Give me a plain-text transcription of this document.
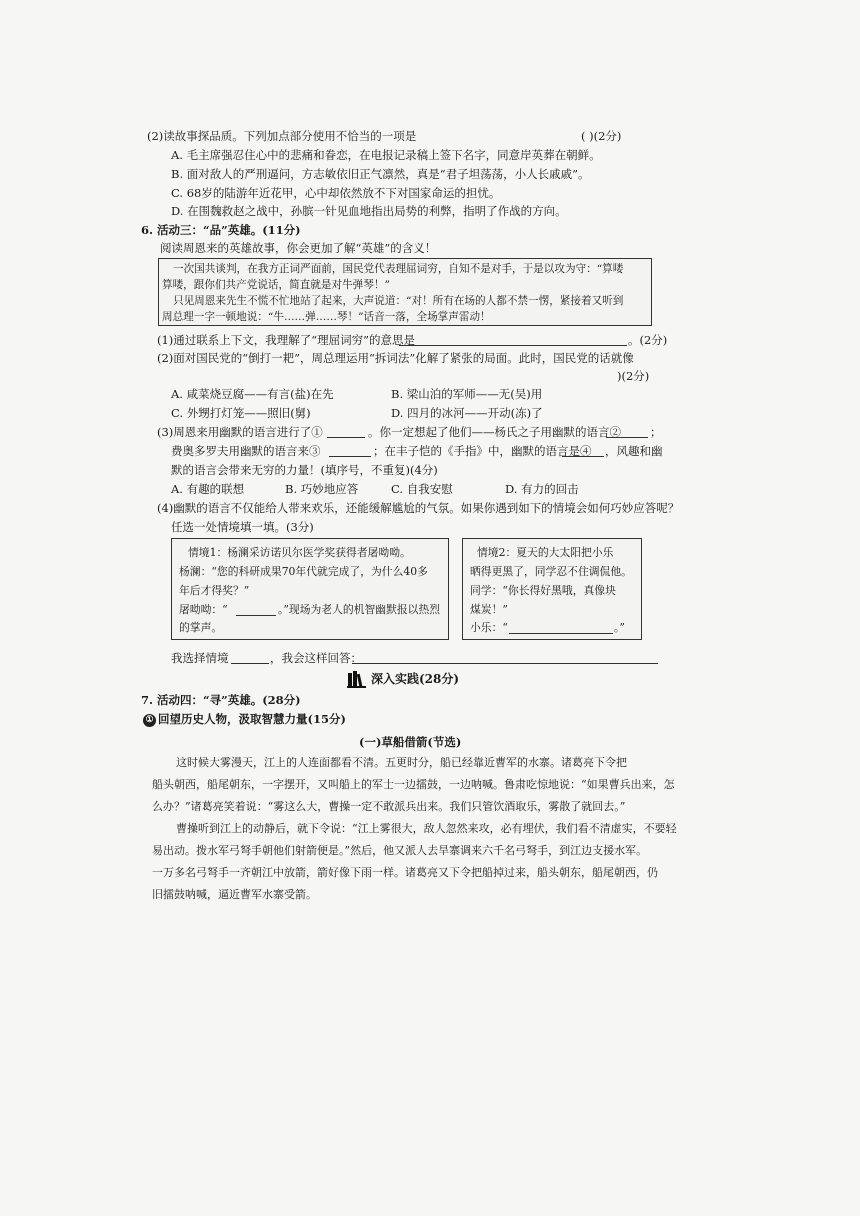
(2)读故事探品质。下列加点部分使用不恰当的一项是	( )(2分)
A. 毛主席强忍住心中的悲痛和眷恋，在电报记录稿上签下名字，同意岸英葬在朝鲜。
B. 面对敌人的严刑逼问，方志敏依旧正气凛然，真是“君子坦荡荡，小人长戚戚”。
C. 68岁的陆游年近花甲，心中却依然放不下对国家命运的担忧。
D. 在围魏救赵之战中，孙膑一针见血地指出局势的利弊，指明了作战的方向。
6. 活动三：“品”英雄。(11分)
阅读周恩来的英雄故事，你会更加了解“英雄”的含义！
一次国共谈判，在我方正词严面前，国民党代表理屈词穷，自知不是对手，于是以攻为守：“算喽
算喽，跟你们共产党说话，简直就是对牛弹琴！”
只见周恩来先生不慌不忙地站了起来，大声说道：“对！所有在场的人都不禁一愣，紧接着又听到
周总理一字一顿地说：“牛……弹……琴！”话音一落，全场掌声雷动！
(1)通过联系上下文，我理解了“理屈词穷”的意思是	。(2分)
(2)面对国民党的“倒打一耙”，周总理运用“拆词法”化解了紧张的局面。此时，国民党的话就像
)(2分)
A. 咸菜烧豆腐——有言(盐)在先	B. 梁山泊的军师——无(吴)用
C. 外甥打灯笼——照旧(舅)	D. 四月的冰河——开动(冻)了
(3)周恩来用幽默的语言进行了①	。你一定想起了他们——杨氏之子用幽默的语言②	；
费奥多罗夫用幽默的语言来③	；在丰子恺的《手指》中，幽默的语言是④ ，风趣和幽
默的语言会带来无穷的力量！(填序号，不重复)(4分)
A. 有趣的联想	B. 巧妙地应答	C. 自我安慰	D. 有力的回击
(4)幽默的语言不仅能给人带来欢乐，还能缓解尴尬的气氛。如果你遇到如下的情境会如何巧妙应答呢？
任选一处情境填一填。(3分)
情境1：杨澜采访诺贝尔医学奖获得者屠呦呦。
杨澜：“您的科研成果70年代就完成了，为什么40多
年后才得奖？”
屠呦呦：“	。”现场为老人的机智幽默报以热烈
的掌声。
情境2：夏天的大太阳把小乐
晒得更黑了，同学忍不住调侃他。
同学：“你长得好黑哦，真像块
煤炭！”
小乐：“	。”
我选择情境	，我会这样回答：
深入实践(28分)
7. 活动四：“寻”英雄。(28分)
① 回望历史人物，汲取智慧力量(15分)
(一)草船借箭(节选)
这时候大雾漫天，江上的人连面都看不清。五更时分，船已经靠近曹军的水寨。诸葛亮下令把
船头朝西，船尾朝东，一字摆开，又叫船上的军士一边擂鼓，一边呐喊。鲁肃吃惊地说：“如果曹兵出来，怎
么办？”诸葛亮笑着说：“雾这么大，曹操一定不敢派兵出来。我们只管饮酒取乐，雾散了就回去。”
曹操听到江上的动静后，就下令说：“江上雾很大，敌人忽然来攻，必有埋伏，我们看不清虚实，不要轻
易出动。拨水军弓弩手朝他们射箭便是。”然后，他又派人去旱寨调来六千名弓弩手，到江边支援水军。
一万多名弓弩手一齐朝江中放箭，箭好像下雨一样。诸葛亮又下令把船掉过来，船头朝东，船尾朝西，仍
旧擂鼓呐喊，逼近曹军水寨受箭。
